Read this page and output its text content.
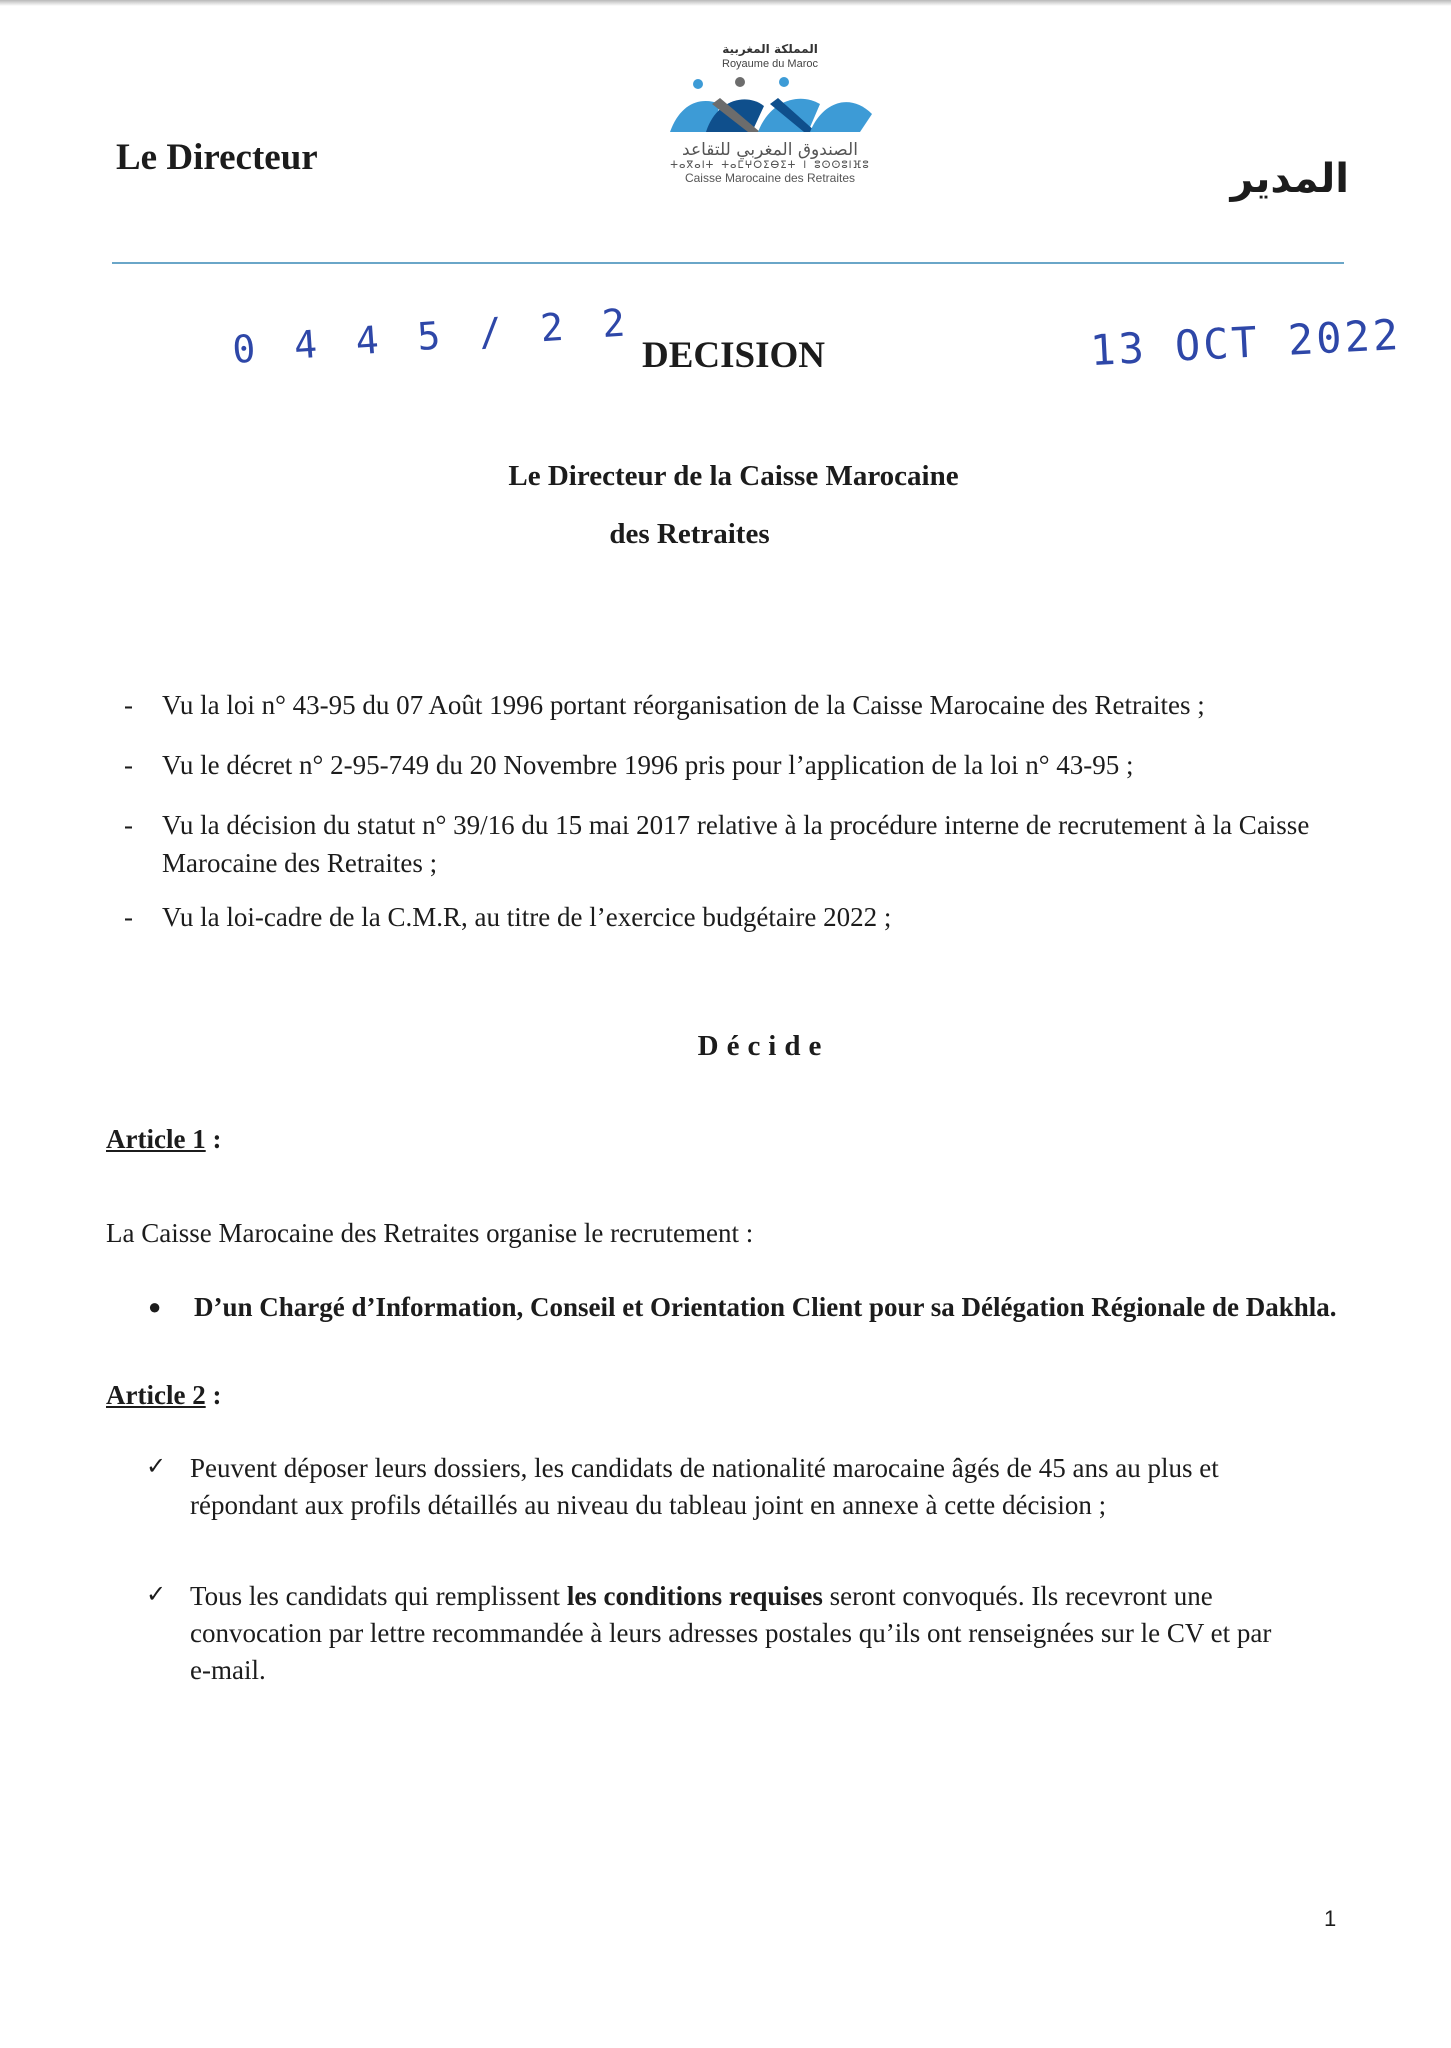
Le Directeur
المملكة المغربية
Royaume du Maroc
الصندوق المغربي للتقاعد
ⵜⴰⴳⴰⵏⵜ ⵜⴰⵎⵖⵔⵉⴱⵉⵜ ⵏ ⵓⵙⵙⵓⵏⴼⵓ
Caisse Marocaine des Retraites	المدير
0 4 4 5 / 2 2 DECISION	13 OCT 2022
Le Directeur de la Caisse Marocaine
des Retraites
- Vu la loi n° 43-95 du 07 Août 1996 portant réorganisation de la Caisse Marocaine des Retraites ;
- Vu le décret n° 2-95-749 du 20 Novembre 1996 pris pour l’application de la loi n° 43-95 ;
- Vu la décision du statut n° 39/16 du 15 mai 2017 relative à la procédure interne de recrutement à la Caisse Marocaine des Retraites ;
- Vu la loi-cadre de la C.M.R, au titre de l’exercice budgétaire 2022 ;
Décide
Article 1 :
La Caisse Marocaine des Retraites organise le recrutement :
● D’un Chargé d’Information, Conseil et Orientation Client pour sa Délégation Régionale de Dakhla.
Article 2 :
✓ Peuvent déposer leurs dossiers, les candidats de nationalité marocaine âgés de 45 ans au plus et répondant aux profils détaillés au niveau du tableau joint en annexe à cette décision ;
✓ Tous les candidats qui remplissent les conditions requises seront convoqués. Ils recevront une convocation par lettre recommandée à leurs adresses postales qu’ils ont renseignées sur le CV et par e-mail.
1
